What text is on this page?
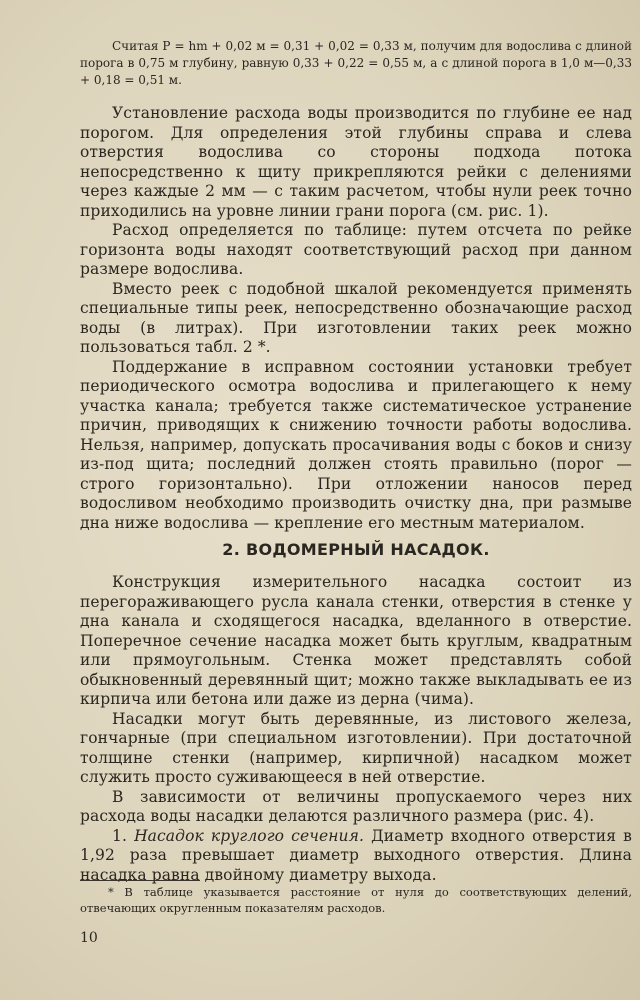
Считая P = hm + 0,02 м = 0,31 + 0,02 = 0,33 м, получим для водослива с длиной порога в 0,75 м глубину, равную 0,33 + 0,22 = 0,55 м, а с длиной порога в 1,0 м—0,33 + 0,18 = 0,51 м.

Установление расхода воды производится по глубине ее над порогом. Для определения этой глубины справа и слева отверстия водослива со стороны подхода потока непосредственно к щиту прикрепляются рейки с делениями через каждые 2 мм — с таким расчетом, чтобы нули реек точно приходились на уровне линии грани порога (см. рис. 1).

Расход определяется по таблице: путем отсчета по рейке горизонта воды находят соответствующий расход при данном размере водослива.

Вместо реек с подобной шкалой рекомендуется применять специальные типы реек, непосредственно обозначающие расход воды (в литрах). При изготовлении таких реек можно пользоваться табл. 2 *.

Поддержание в исправном состоянии установки требует периодического осмотра водослива и прилегающего к нему участка канала; требуется также систематическое устранение причин, приводящих к снижению точности работы водослива. Нельзя, например, допускать просачивания воды с боков и снизу из-под щита; последний должен стоять правильно (порог — строго горизонтально). При отложении наносов перед водосливом необходимо производить очистку дна, при размыве дна ниже водослива — крепление его местным материалом.

2. ВОДОМЕРНЫЙ НАСАДОК.

Конструкция измерительного насадка состоит из перегораживающего русла канала стенки, отверстия в стенке у дна канала и сходящегося насадка, вделанного в отверстие. Поперечное сечение насадка может быть круглым, квадратным или прямоугольным. Стенка может представлять собой обыкновенный деревянный щит; можно также выкладывать ее из кирпича или бетона или даже из дерна (чима).

Насадки могут быть деревянные, из листового железа, гончарные (при специальном изготовлении). При достаточной толщине стенки (например, кирпичной) насадком может служить просто суживающееся в ней отверстие.

В зависимости от величины пропускаемого через них расхода воды насадки делаются различного размера (рис. 4).

1. Насадок круглого сечения. Диаметр входного отверстия в 1,92 раза превышает диаметр выходного отверстия. Длина насадка равна двойному диаметру выхода.

* В таблице указывается расстояние от нуля до соответствующих делений, отвечающих округленным показателям расходов.

10
